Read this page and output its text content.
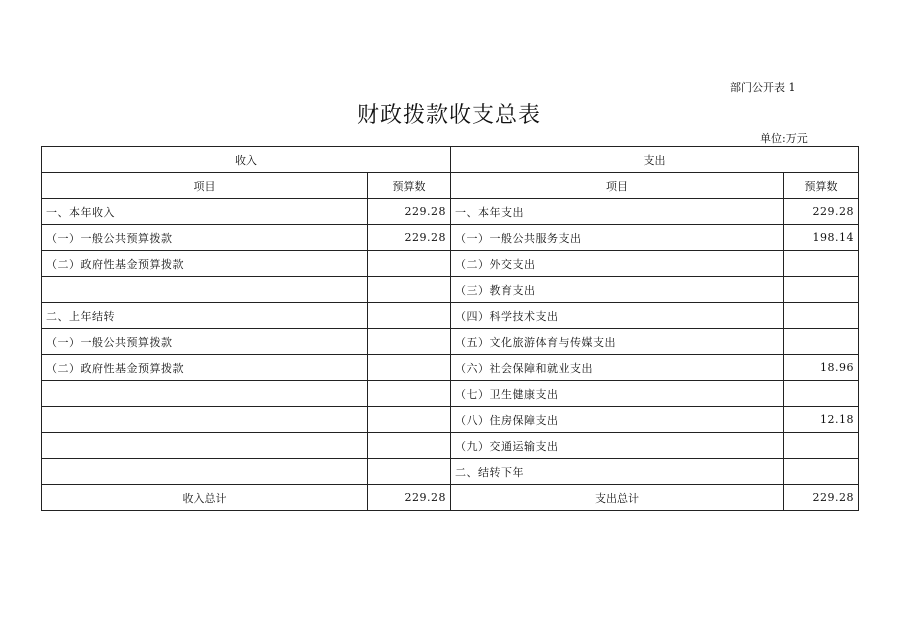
部门公开表 1
财政拨款收支总表
单位:万元
收入		支出	
项目	预算数	项目	预算数
一、本年收入	229.28	一、本年支出	229.28
（一）一般公共预算拨款	229.28	（一）一般公共服务支出	198.14
（二）政府性基金预算拨款		（二）外交支出	
		（三）教育支出	
二、上年结转		（四）科学技术支出	
（一）一般公共预算拨款		（五）文化旅游体育与传媒支出	
（二）政府性基金预算拨款		（六）社会保障和就业支出	18.96
		（七）卫生健康支出	
		（八）住房保障支出	12.18
		（九）交通运输支出	
		二、结转下年	
收入总计	229.28	支出总计	229.28
